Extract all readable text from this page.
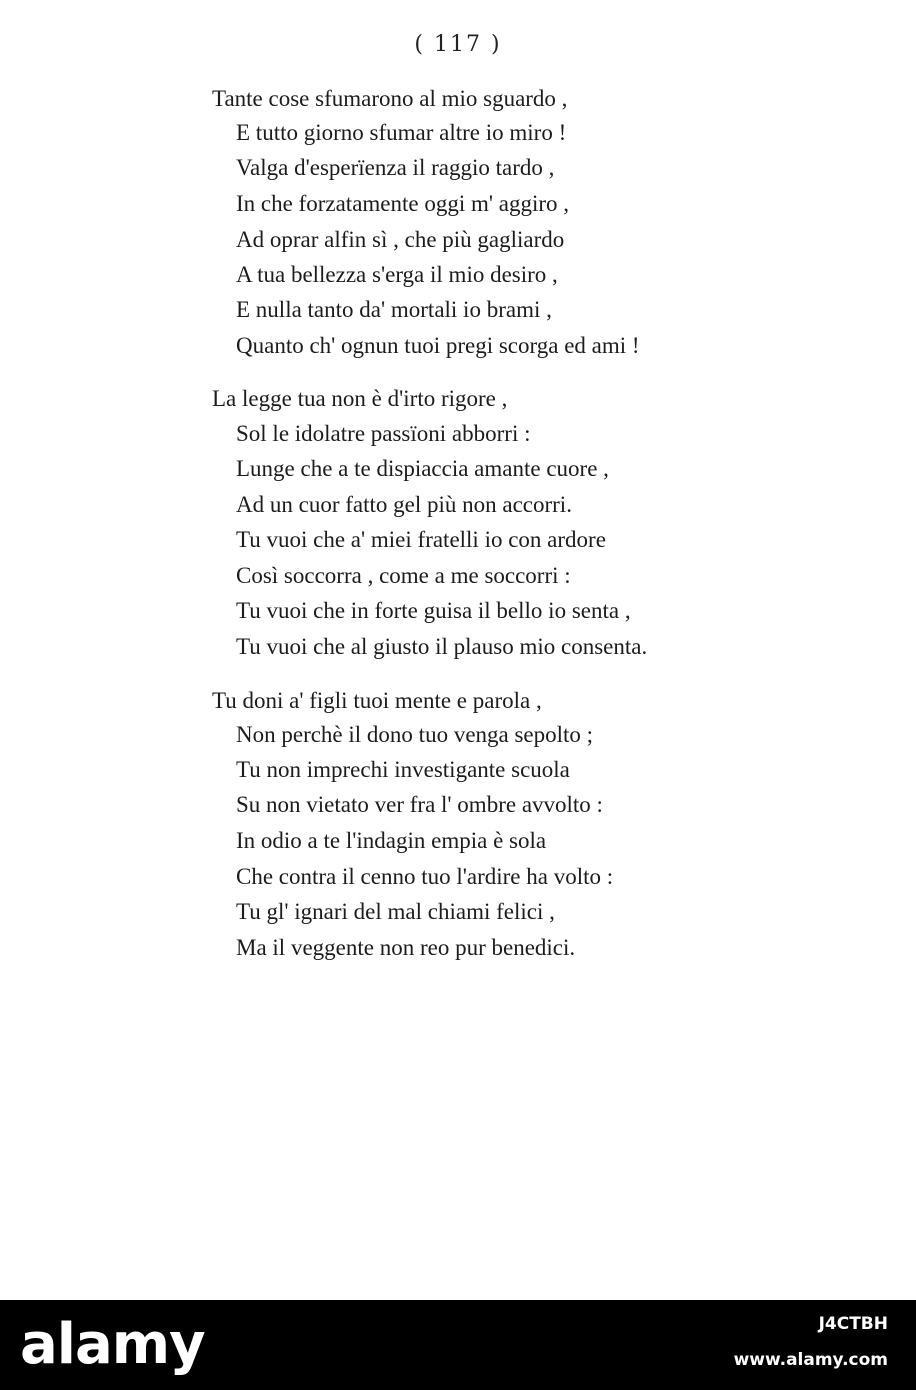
( 117 )
Tante cose sfumarono al mio sguardo ,
E tutto giorno sfumar altre io miro !
Valga d'esperïenza il raggio tardo ,
In che forzatamente oggi m' aggiro ,
Ad oprar alfin sì , che più gagliardo
A tua bellezza s'erga il mio desiro ,
E nulla tanto da' mortali io brami ,
Quanto ch' ognun tuoi pregi scorga ed ami !
La legge tua non è d'irto rigore ,
Sol le idolatre passïoni abborri :
Lunge che a te dispiaccia amante cuore ,
Ad un cuor fatto gel più non accorri.
Tu vuoi che a' miei fratelli io con ardore
Così soccorra , come a me soccorri :
Tu vuoi che in forte guisa il bello io senta ,
Tu vuoi che al giusto il plauso mio consenta.
Tu doni a' figli tuoi mente e parola ,
Non perchè il dono tuo venga sepolto ;
Tu non imprechi investigante scuola
Su non vietato ver fra l' ombre avvolto :
In odio a te l'indagin empia è sola
Che contra il cenno tuo l'ardire ha volto :
Tu gl' ignari del mal chiami felici ,
Ma il veggente non reo pur benedici.
alamy	J4CTBH
www.alamy.com
